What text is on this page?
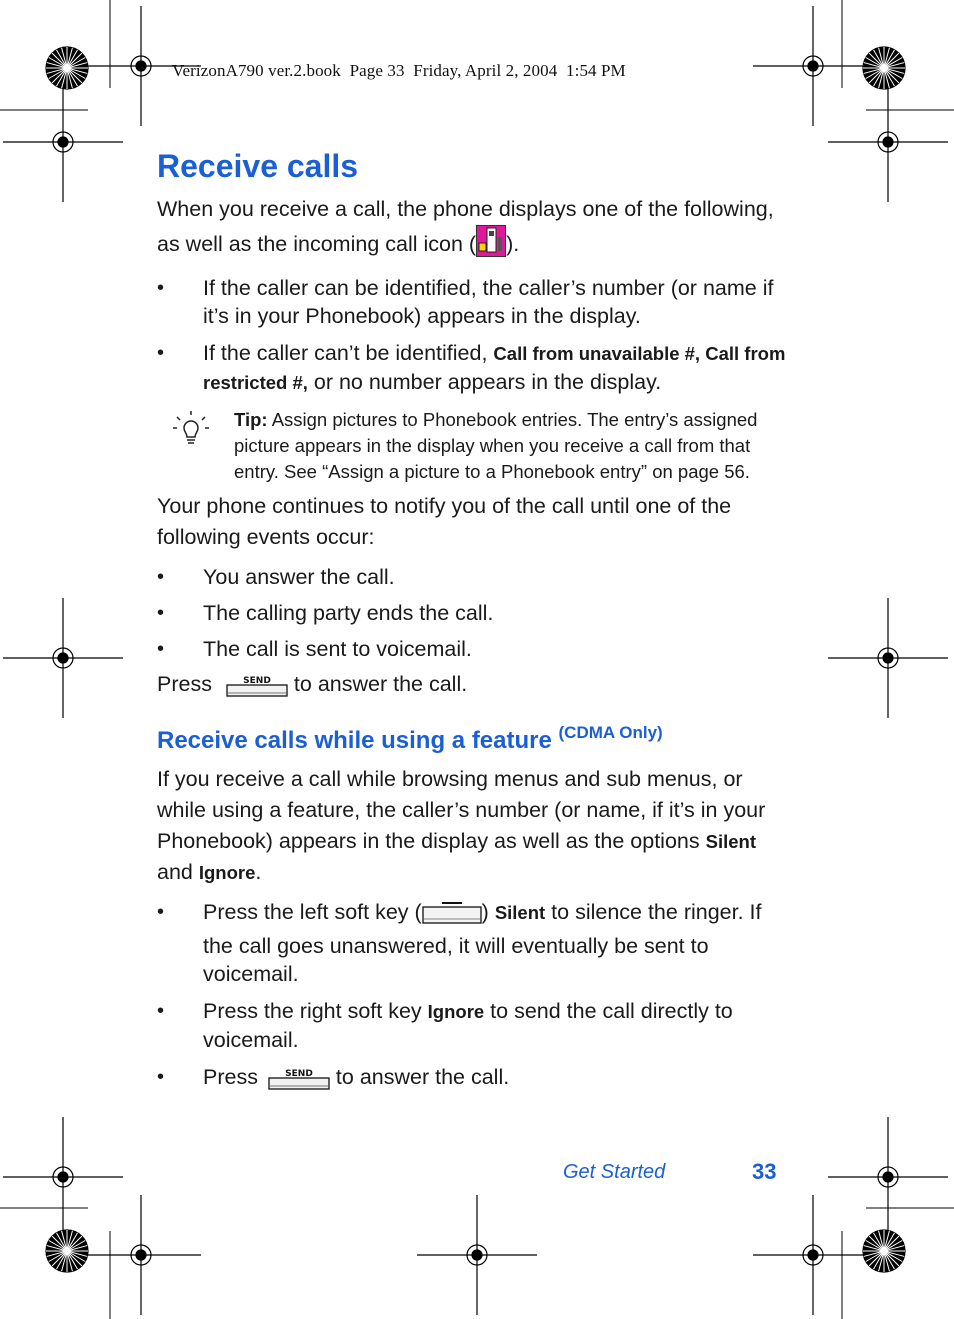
VerizonA790 ver.2.book  Page 33  Friday, April 2, 2004  1:54 PM
Receive calls

When you receive a call, the phone displays one of the following, as well as the incoming call icon ( ).

• If the caller can be identified, the caller’s number (or name if it’s in your Phonebook) appears in the display.
• If the caller can’t be identified, Call from unavailable #, Call from restricted #, or no number appears in the display.
Tip: Assign pictures to Phonebook entries. The entry’s assigned picture appears in the display when you receive a call from that entry. See “Assign a picture to a Phonebook entry” on page 56.

Your phone continues to notify you of the call until one of the following events occur:

• You answer the call.
• The calling party ends the call.
• The call is sent to voicemail.

Press	SEND to answer the call.

Receive calls while using a feature $^{(CDMA Only)}$

If you receive a call while browsing menus and sub menus, or while using a feature, the caller’s number (or name, if it’s in your Phonebook) appears in the display as well as the options Silent and Ignore.

• Press the left soft key (	) Silent to silence the ringer. If the call goes unanswered, it will eventually be sent to voicemail.
• Press the right soft key Ignore to send the call directly to voicemail.
• Press SEND to answer the call.
Get Started	33
